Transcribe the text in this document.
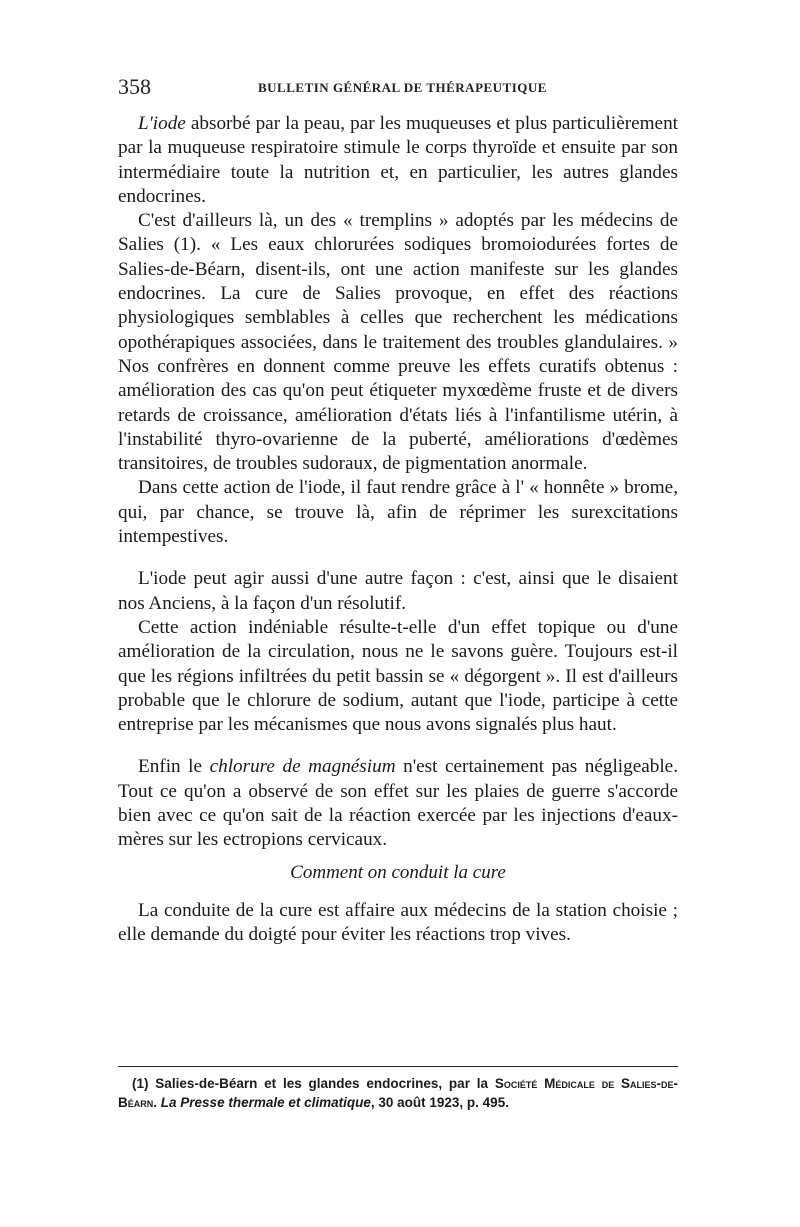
358	BULLETIN GÉNÉRAL DE THÉRAPEUTIQUE

L'iode absorbé par la peau, par les muqueuses et plus particulièrement par la muqueuse respiratoire stimule le corps thyroïde et ensuite par son intermédiaire toute la nutrition et, en particulier, les autres glandes endocrines.

C'est d'ailleurs là, un des « tremplins » adoptés par les médecins de Salies (1). « Les eaux chlorurées sodiques bromoiodurées fortes de Salies-de-Béarn, disent-ils, ont une action manifeste sur les glandes endocrines. La cure de Salies provoque, en effet des réactions physiologiques semblables à celles que recherchent les médications opothérapiques associées, dans le traitement des troubles glandulaires. » Nos confrères en donnent comme preuve les effets curatifs obtenus : amélioration des cas qu'on peut étiqueter myxœdème fruste et de divers retards de croissance, amélioration d'états liés à l'infantilisme utérin, à l'instabilité thyro-ovarienne de la puberté, améliorations d'œdèmes transitoires, de troubles sudoraux, de pigmentation anormale.

Dans cette action de l'iode, il faut rendre grâce à l' « honnête » brome, qui, par chance, se trouve là, afin de réprimer les surexcitations intempestives.

L'iode peut agir aussi d'une autre façon : c'est, ainsi que le disaient nos Anciens, à la façon d'un résolutif.

Cette action indéniable résulte-t-elle d'un effet topique ou d'une amélioration de la circulation, nous ne le savons guère. Toujours est-il que les régions infiltrées du petit bassin se « dégorgent ». Il est d'ailleurs probable que le chlorure de sodium, autant que l'iode, participe à cette entreprise par les mécanismes que nous avons signalés plus haut.

Enfin le chlorure de magnésium n'est certainement pas négligeable. Tout ce qu'on a observé de son effet sur les plaies de guerre s'accorde bien avec ce qu'on sait de la réaction exercée par les injections d'eaux-mères sur les ectropions cervicaux.

Comment on conduit la cure

La conduite de la cure est affaire aux médecins de la station choisie ; elle demande du doigté pour éviter les réactions trop vives.

(1) Salies-de-Béarn et les glandes endocrines, par la Société Médicale de Salies-de-Béarn. La Presse thermale et climatique, 30 août 1923, p. 495.
